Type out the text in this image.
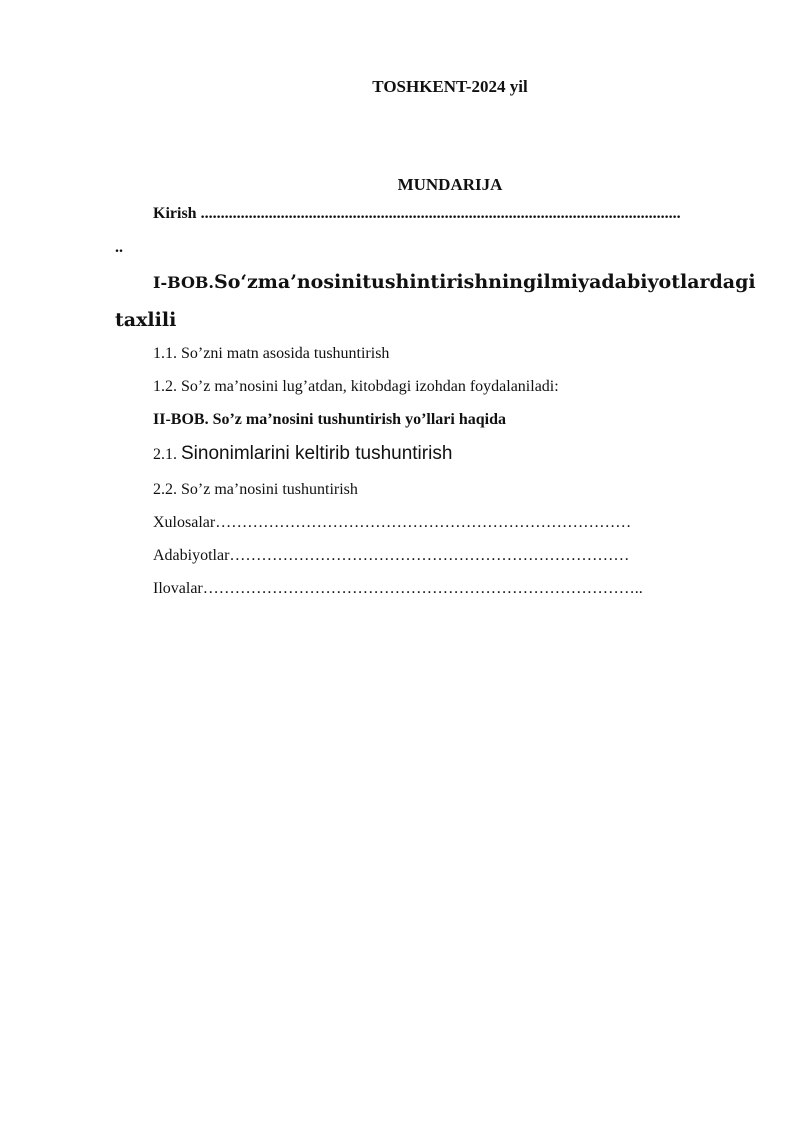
TOSHKENT-2024 yil
MUNDARIJA
Kirish ........................................................................................................................
..
I-BOB. So‘z ma’nosini tushintirishning ilmiy adabiyotlardagi
taxlili
1.1. So’zni matn asosida tushuntirish
1.2. So’z ma’nosini lug’atdan, kitobdagi izohdan foydalaniladi:
II-BOB. So’z ma’nosini tushuntirish yo’llari haqida
2.1. Sinonimlarini keltirib tushuntirish
2.2. So’z ma’nosini tushuntirish
Xulosalar……………………………………………………………………
Adabiyotlar…………………………………………………………………
Ilovalar………………………………………………………………………..
